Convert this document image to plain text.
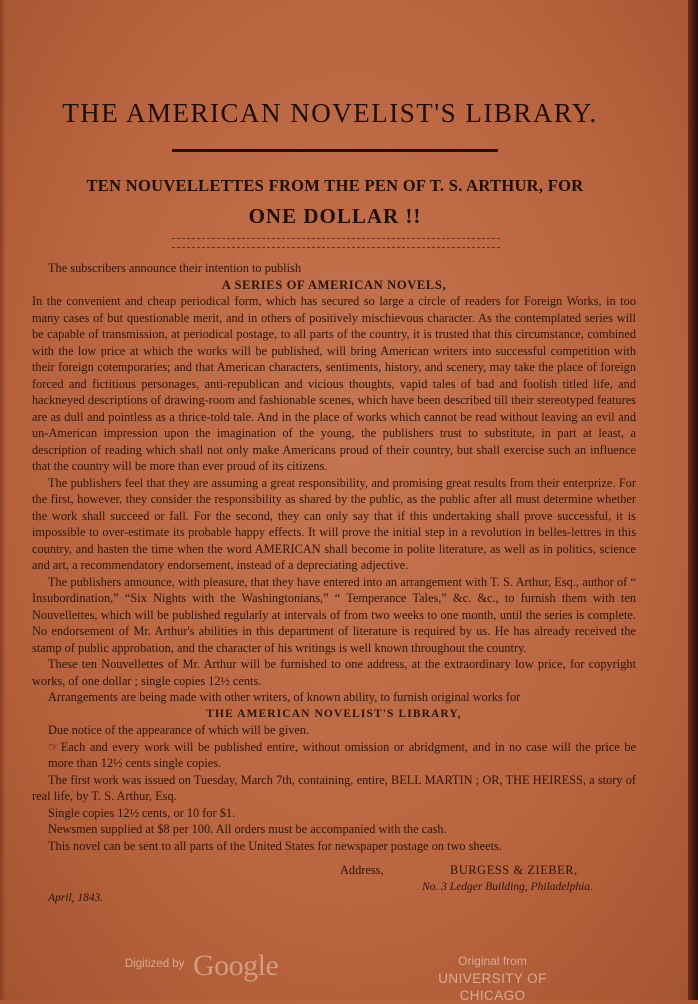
THE AMERICAN NOVELIST'S LIBRARY.
TEN NOUVELLETTES FROM THE PEN OF T. S. ARTHUR, FOR
ONE DOLLAR !!

The subscribers announce their intention to publish

A SERIES OF AMERICAN NOVELS,

In the convenient and cheap periodical form, which has secured so large a circle of readers for Foreign Works, in too many cases of but questionable merit, and in others of positively mischievous character. As the contemplated series will be capable of transmission, at periodical postage, to all parts of the country, it is trusted that this circumstance, combined with the low price at which the works will be published, will bring American writers into successful competition with their foreign cotemporaries; and that American characters, sentiments, history, and scenery, may take the place of foreign forced and fictitious personages, anti-republican and vicious thoughts, vapid tales of bad and foolish titled life, and hackneyed descriptions of drawing-room and fashionable scenes, which have been described till their stereotyped features are as dull and pointless as a thrice-told tale. And in the place of works which cannot be read without leaving an evil and un-American impression upon the imagination of the young, the publishers trust to substitute, in part at least, a description of reading which shall not only make Americans proud of their country, but shall exercise such an influence that the country will be more than ever proud of its citizens.

The publishers feel that they are assuming a great responsibility, and promising great results from their enterprize. For the first, however, they consider the responsibility as shared by the public, as the public after all must determine whether the work shall succeed or fall. For the second, they can only say that if this undertaking shall prove successful, it is impossible to over-estimate its probable happy effects. It will prove the initial step in a revolution in belles-lettres in this country, and hasten the time when the word AMERICAN shall become in polite literature, as well as in politics, science and art, a recommendatory endorsement, instead of a depreciating adjective.

The publishers announce, with pleasure, that they have entered into an arrangement with T. S. Arthur, Esq., author of “ Insubordination,” “Six Nights with the Washingtonians,” “ Temperance Tales,” &c. &c., to furnish them with ten Nouvellettes, which will be published regularly at intervals of from two weeks to one month, until the series is complete. No endorsement of Mr. Arthur's abilities in this department of literature is required by us. He has already received the stamp of public approbation, and the character of his writings is well known throughout the country.

These ten Nouvellettes of Mr. Arthur will be furnished to one address, at the extraordinary low price, for copyright works, of one dollar ; single copies 12½ cents.

Arrangements are being made with other writers, of known ability, to furnish original works for

THE AMERICAN NOVELIST'S LIBRARY,

Due notice of the appearance of which will be given.

☞ Each and every work will be published entire, without omission or abridgment, and in no case will the price be more than 12½ cents single copies.

The first work was issued on Tuesday, March 7th, containing, entire, BELL MARTIN ; OR, THE HEIRESS, a story of real life, by T. S. Arthur, Esq.

Single copies 12½ cents, or 10 for $1.

Newsmen supplied at $8 per 100. All orders must be accompanied with the cash.

This novel can be sent to all parts of the United States for newspaper postage on two sheets.

Address,	BURGESS & ZIEBER,
No. 3 Ledger Building, Philadelphia.
April, 1843.
Digitized by Google	Original from
UNIVERSITY OF CHICAGO
